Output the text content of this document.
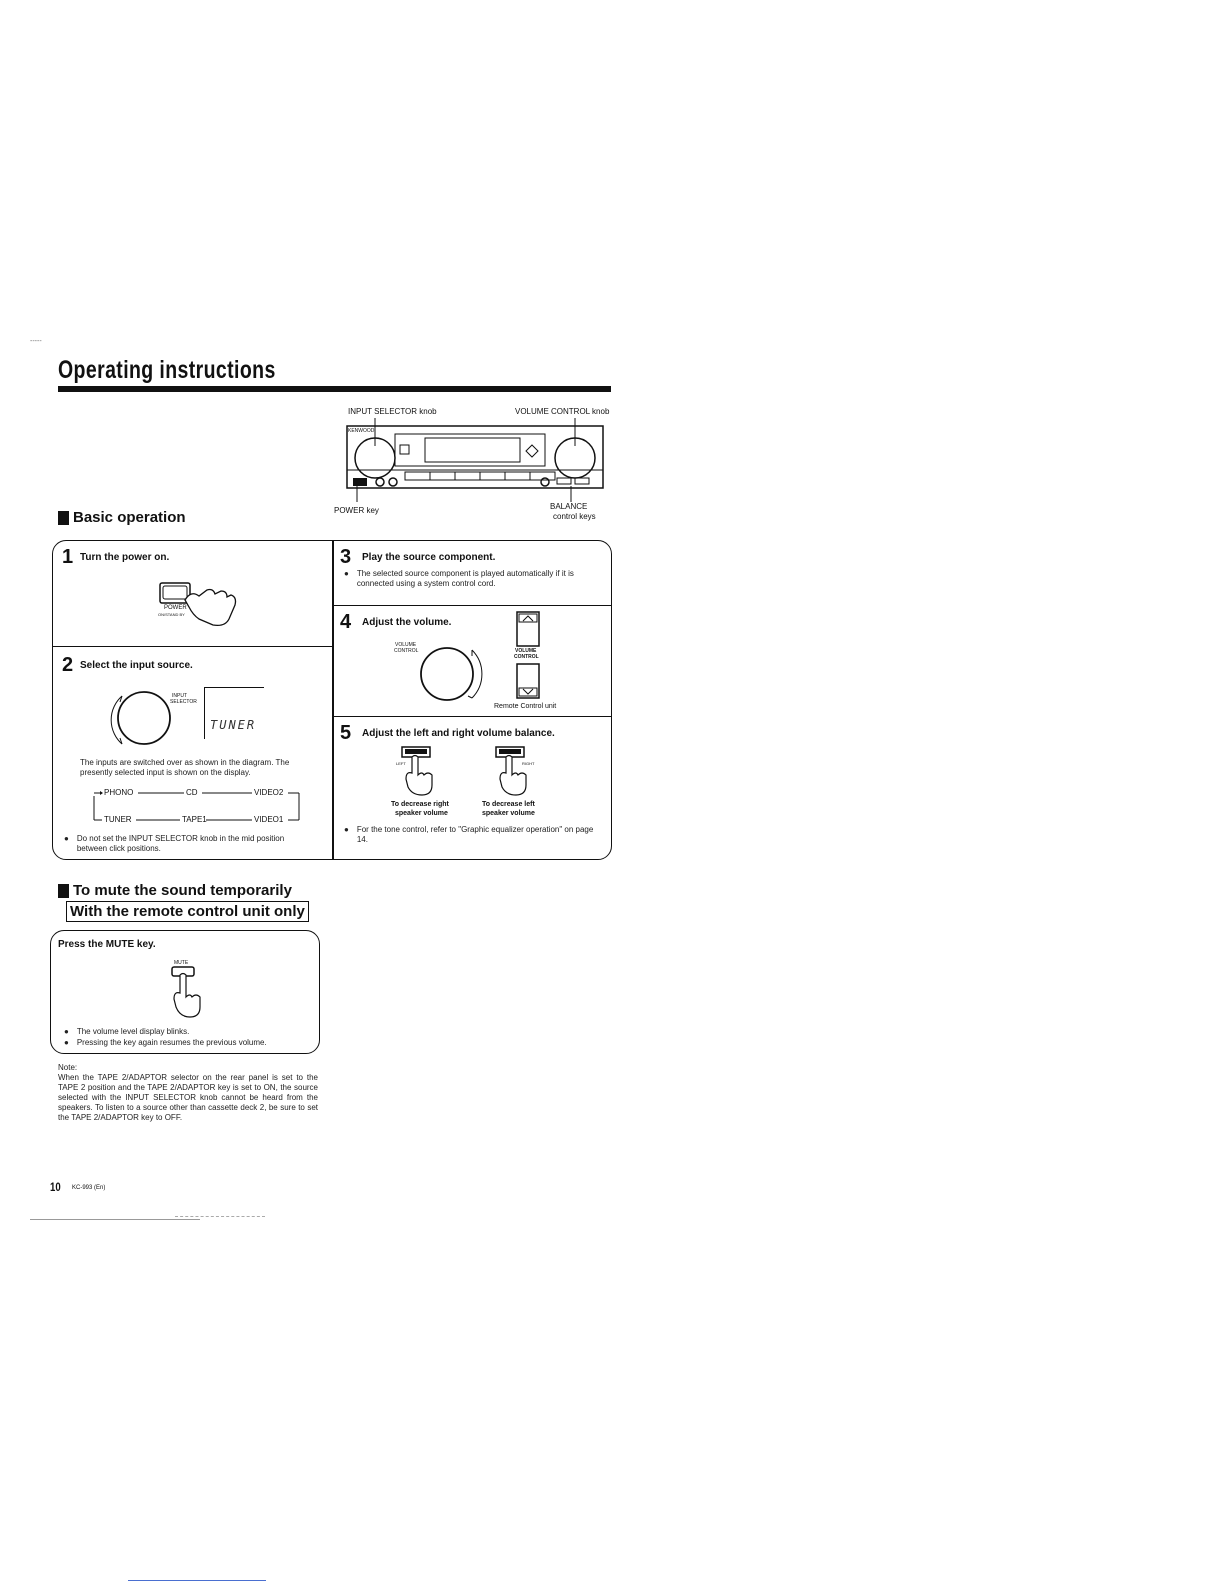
-----
Operating instructions
INPUT SELECTOR knob	VOLUME CONTROL knob
KENWOOD
POWER key	BALANCE
control keys
Basic operation
1 Turn the power on.
POWER
ON/STAND BY
2 Select the input source.
INPUT
SELECTOR
TUNER
The inputs are switched over as shown in the diagram. The presently selected input is shown on the display.
PHONO	CD	VIDEO2
TUNER	TAPE1	VIDEO1
● Do not set the INPUT SELECTOR knob in the mid position between click positions.
3 Play the source component.
● The selected source component is played automatically if it is connected using a system control cord.
4 Adjust the volume.
VOLUME
CONTROL	VOLUME
CONTROL
Remote Control unit
5 Adjust the left and right volume balance.
LEFT	RIGHT
To decrease right
speaker volume
To decrease left
speaker volume
● For the tone control, refer to "Graphic equalizer operation" on page 14.
To mute the sound temporarily
With the remote control unit only
Press the MUTE key.
MUTE
● The volume level display blinks.
● Pressing the key again resumes the previous volume.
Note:
When the TAPE 2/ADAPTOR selector on the rear panel is set to the TAPE 2 position and the TAPE 2/ADAPTOR key is set to ON, the source selected with the INPUT SELECTOR knob cannot be heard from the speakers. To listen to a source other than cassette deck 2, be sure to set the TAPE 2/ADAPTOR key to OFF.
10 KC-993 (En)
